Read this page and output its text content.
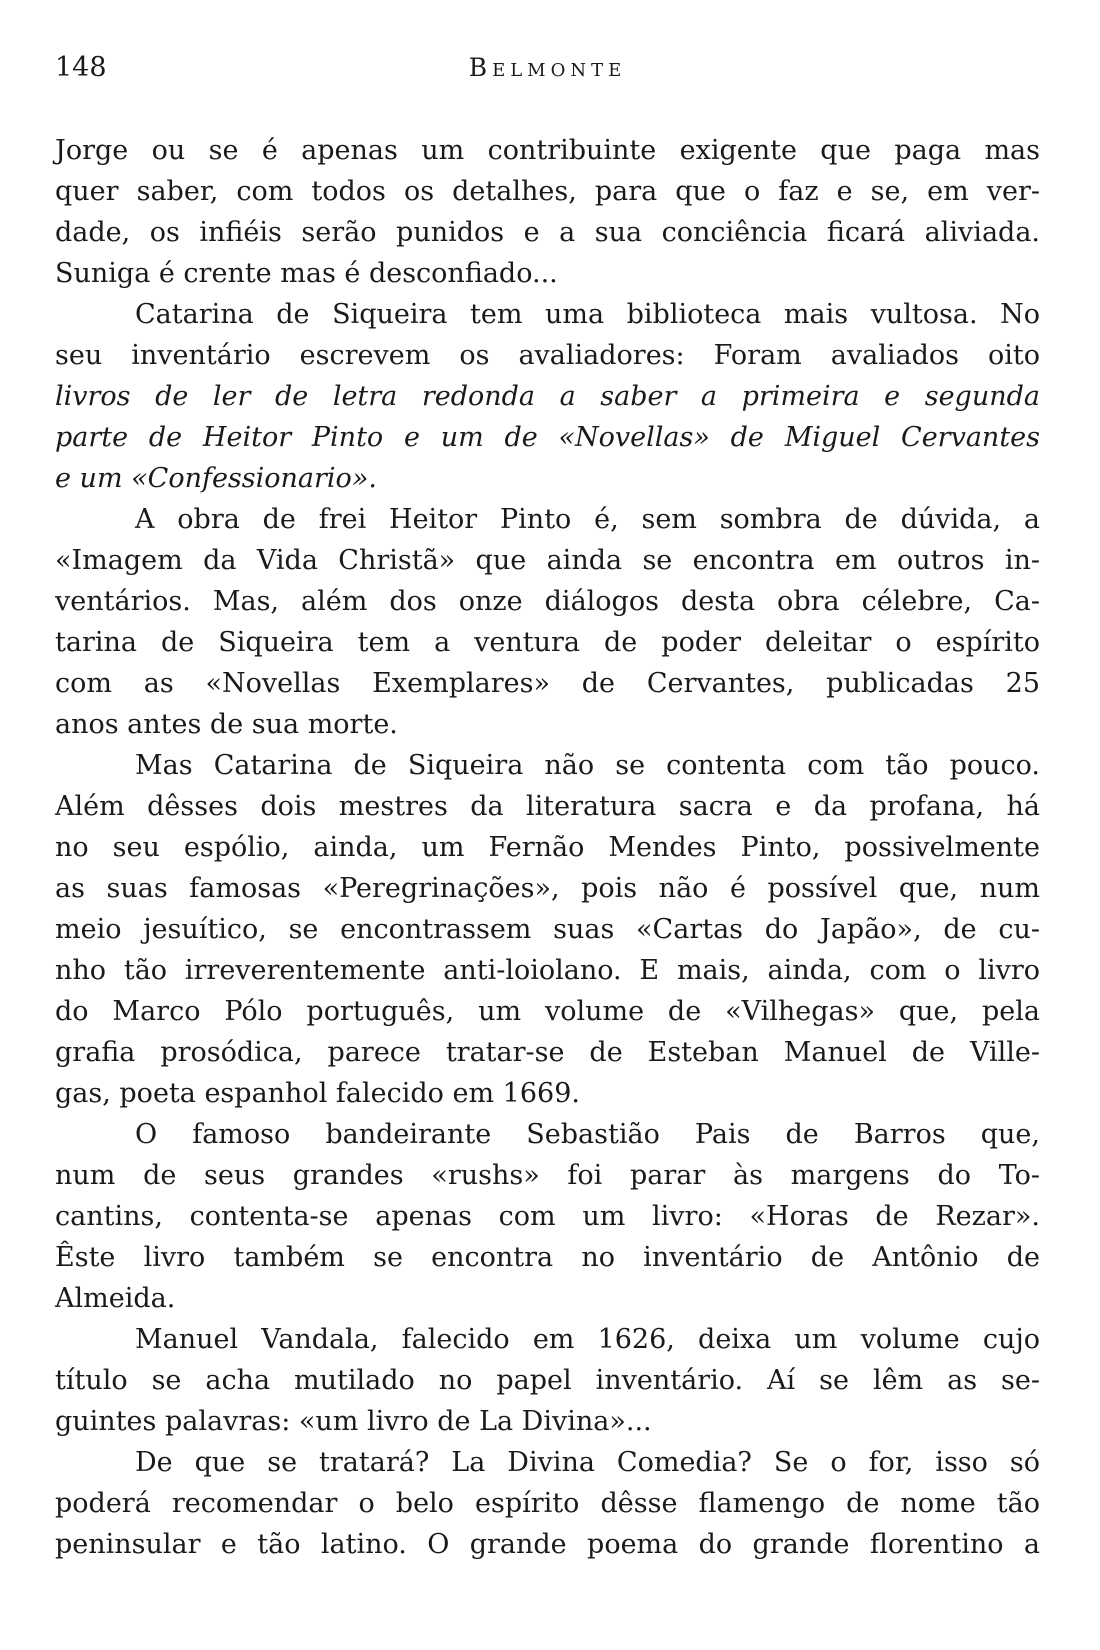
148	Belmonte
Jorge ou se é apenas um contribuinte exigente que paga mas
quer saber, com todos os detalhes, para que o faz e se, em ver-
dade, os infiéis serão punidos e a sua conciência ficará aliviada.
Suniga é crente mas é desconfiado...
Catarina de Siqueira tem uma biblioteca mais vultosa. No
seu inventário escrevem os avaliadores: Foram avaliados oito
livros de ler de letra redonda a saber a primeira e segunda
parte de Heitor Pinto e um de «Novellas» de Miguel Cervantes
e um «Confessionario».
A obra de frei Heitor Pinto é, sem sombra de dúvida, a
«Imagem da Vida Christã» que ainda se encontra em outros in-
ventários. Mas, além dos onze diálogos desta obra célebre, Ca-
tarina de Siqueira tem a ventura de poder deleitar o espírito
com as «Novellas Exemplares» de Cervantes, publicadas 25
anos antes de sua morte.
Mas Catarina de Siqueira não se contenta com tão pouco.
Além dêsses dois mestres da literatura sacra e da profana, há
no seu espólio, ainda, um Fernão Mendes Pinto, possivelmente
as suas famosas «Peregrinações», pois não é possível que, num
meio jesuítico, se encontrassem suas «Cartas do Japão», de cu-
nho tão irreverentemente anti-loiolano. E mais, ainda, com o livro
do Marco Pólo português, um volume de «Vilhegas» que, pela
grafia prosódica, parece tratar-se de Esteban Manuel de Ville-
gas, poeta espanhol falecido em 1669.
O famoso bandeirante Sebastião Pais de Barros que,
num de seus grandes «rushs» foi parar às margens do To-
cantins, contenta-se apenas com um livro: «Horas de Rezar».
Êste livro também se encontra no inventário de Antônio de
Almeida.
Manuel Vandala, falecido em 1626, deixa um volume cujo
título se acha mutilado no papel inventário. Aí se lêm as se-
guintes palavras: «um livro de La Divina»...
De que se tratará? La Divina Comedia? Se o for, isso só
poderá recomendar o belo espírito dêsse flamengo de nome tão
peninsular e tão latino. O grande poema do grande florentino a
